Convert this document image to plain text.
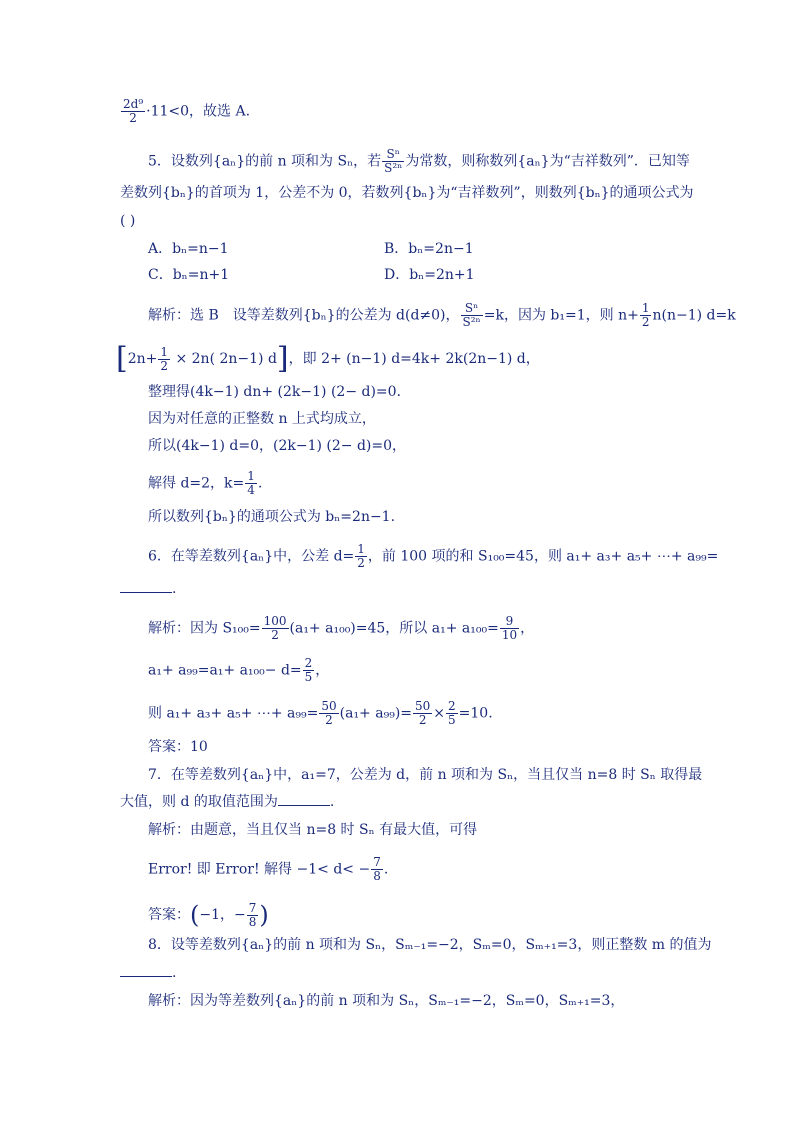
$\frac{\text{2d⁹}}{2} \cdot 11<0$，故选 A.
5．设数列{aₙ}的前 n 项和为 Sₙ，若 $\frac{\text{Sⁿ}}{\text{S²ⁿ}}$ 为常数，则称数列{aₙ}为“吉祥数列”．已知等
差数列{bₙ}的首项为 1，公差不为 0，若数列{bₙ}为“吉祥数列”，则数列{bₙ}的通项公式为
( )
A．bₙ=n−1	B．bₙ=2n−1
C．bₙ=n+1	D．bₙ=2n+1
解析：选 B　设等差数列{bₙ}的公差为 d(d≠0)， $\frac{\text{Sⁿ}}{\text{S²ⁿ}} =k$，因为 b₁=1，则 $n+ \frac{1}{2} n(n-1)$ d=k
[$2n+ \frac{1}{2} \times 2n$( 2n−1) d]，即 2+ (n−1) d=4k+ 2k(2n−1) d，
整理得(4k−1) dn+ (2k−1) (2− d)=0．
因为对任意的正整数 n 上式均成立，
所以(4k−1) d=0，(2k−1) (2− d)=0，
解得 d=2，$k= \frac{1}{4}$ .
所以数列{bₙ}的通项公式为 bₙ=2n−1.
6．在等差数列{aₙ}中，公差 $d= \frac{1}{2}$ ，前 100 项的和 S₁₀₀=45，则 a₁+ a₃+ a₅+ ⋯+ a₉₉=
.
解析：因为 $S_{100}= \frac{100}{2} (a_1+ a_{100})=45$，所以 $a_1+ a_{100}= \frac{9}{10}$ ，
$a_1+ a_{99}=a_1+ a_{100}- d= \frac{2}{5}$ ，
则 a₁+ a₃+ a₅+ ⋯+ $a_{99}= \frac{50}{2} (a_1+ a_{99})= \frac{50}{2} \times \frac{2}{5} =10$.
答案：10
7．在等差数列{aₙ}中，a₁=7，公差为 d，前 n 项和为 Sₙ，当且仅当 n=8 时 Sₙ 取得最
大值，则 d 的取值范围为	.
解析：由题意，当且仅当 n=8 时 Sₙ 有最大值，可得
Error! 即 Error! 解得 $-1< d< - \frac{7}{8}$ .
答案：(−1，− $\frac{7}{8}$ )
8．设等差数列{aₙ}的前 n 项和为 Sₙ，Sₘ₋₁=−2，Sₘ=0，Sₘ₊₁=3，则正整数 m 的值为
.
解析：因为等差数列{aₙ}的前 n 项和为 Sₙ，Sₘ₋₁=−2，Sₘ=0，Sₘ₊₁=3，
